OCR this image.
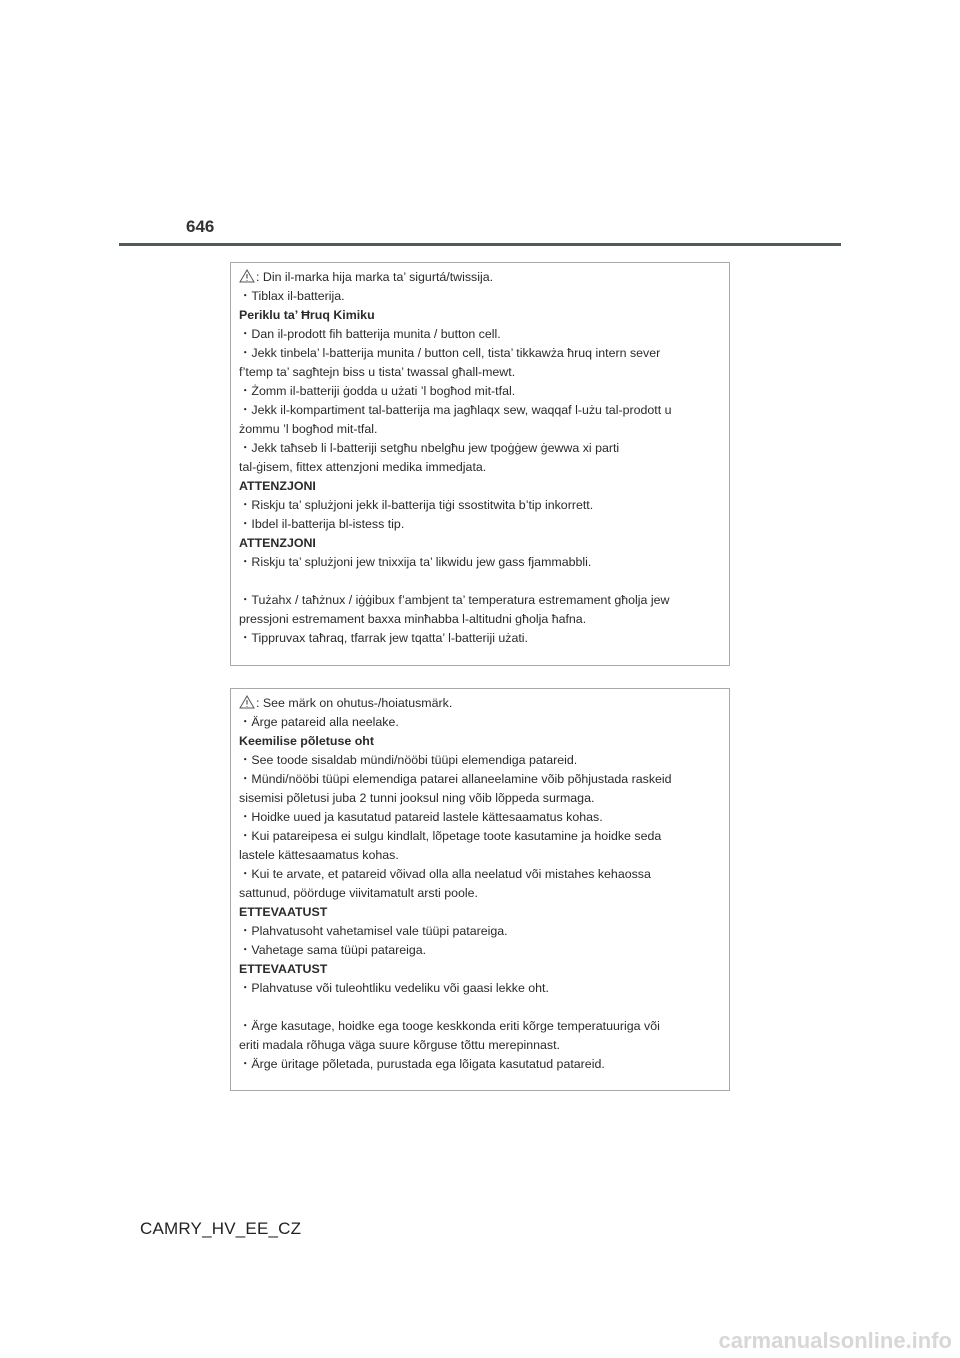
646
: Din il-marka hija marka ta’ sigurtá/twissija.
・Tiblax il-batterija.
Periklu ta’ Ħruq Kimiku
・Dan il-prodott fih batterija munita / button cell.
・Jekk tinbela’ l-batterija munita / button cell, tista’ tikkawża ħruq intern sever
f’temp ta’ sagħtejn biss u tista’ twassal għall-mewt.
・Żomm il-batteriji ġodda u użati ’l bogħod mit-tfal.
・Jekk il-kompartiment tal-batterija ma jagħlaqx sew, waqqaf l-użu tal-prodott u
żommu ’l bogħod mit-tfal.
・Jekk taħseb li l-batteriji setgħu nbelgħu jew tpoġġew ġewwa xi parti
tal-ġisem, fittex attenzjoni medika immedjata.
ATTENZJONI
・Riskju ta’ splużjoni jekk il-batterija tiġi ssostitwita b’tip inkorrett.
・Ibdel il-batterija bl-istess tip.
ATTENZJONI
・Riskju ta’ splużjoni jew tnixxija ta’ likwidu jew gass fjammabbli.
・Tużahx / taħżnux / iġġibux f’ambjent ta’ temperatura estremament għolja jew
pressjoni estremament baxxa minħabba l-altitudni għolja ħafna.
・Tippruvax taħraq, tfarrak jew tqatta’ l-batteriji użati.
: See märk on ohutus-/hoiatusmärk.
・Ärge patareid alla neelake.
Keemilise põletuse oht
・See toode sisaldab mündi/nööbi tüüpi elemendiga patareid.
・Mündi/nööbi tüüpi elemendiga patarei allaneelamine võib põhjustada raskeid
sisemisi põletusi juba 2 tunni jooksul ning võib lõppeda surmaga.
・Hoidke uued ja kasutatud patareid lastele kättesaamatus kohas.
・Kui patareipesa ei sulgu kindlalt, lõpetage toote kasutamine ja hoidke seda
lastele kättesaamatus kohas.
・Kui te arvate, et patareid võivad olla alla neelatud või mistahes kehaossa
sattunud, pöörduge viivitamatult arsti poole.
ETTEVAATUST
・Plahvatusoht vahetamisel vale tüüpi patareiga.
・Vahetage sama tüüpi patareiga.
ETTEVAATUST
・Plahvatuse või tuleohtliku vedeliku või gaasi lekke oht.
・Ärge kasutage, hoidke ega tooge keskkonda eriti kõrge temperatuuriga või
eriti madala rõhuga väga suure kõrguse tõttu merepinnast.
・Ärge üritage põletada, purustada ega lõigata kasutatud patareid.
CAMRY_HV_EE_CZ
carmanualsonline.info
